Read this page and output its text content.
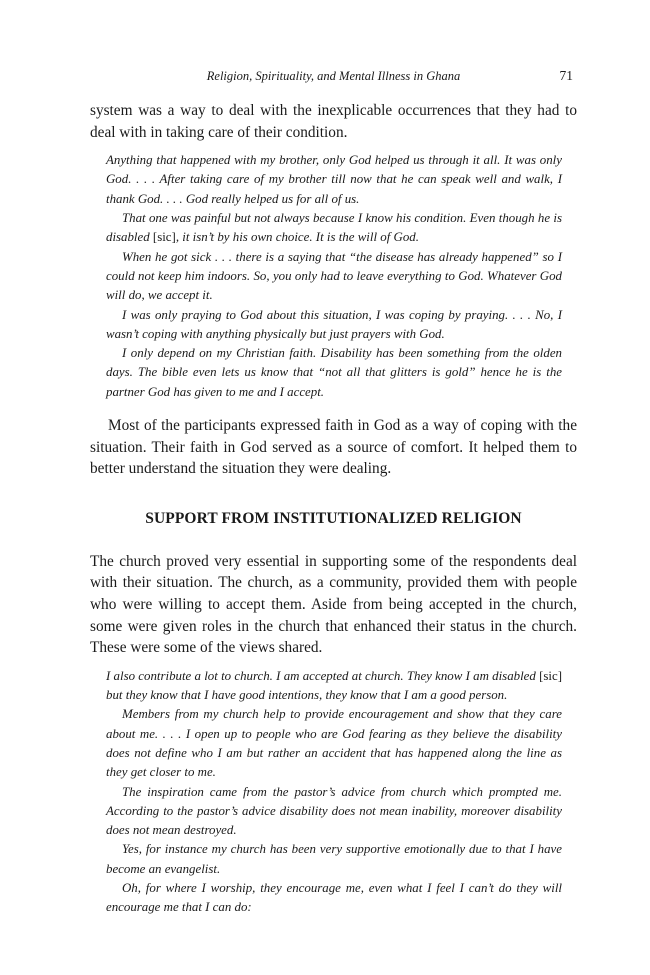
Religion, Spirituality, and Mental Illness in Ghana	71

system was a way to deal with the inexplicable occurrences that they had to deal with in taking care of their condition.

Anything that happened with my brother, only God helped us through it all. It was only God. . . . After taking care of my brother till now that he can speak well and walk, I thank God. . . . God really helped us for all of us.

That one was painful but not always because I know his condition. Even though he is disabled [sic], it isn’t by his own choice. It is the will of God.

When he got sick . . . there is a saying that “the disease has already happened” so I could not keep him indoors. So, you only had to leave everything to God. Whatever God will do, we accept it.

I was only praying to God about this situation, I was coping by praying. . . . No, I wasn’t coping with anything physically but just prayers with God.

I only depend on my Christian faith. Disability has been something from the olden days. The bible even lets us know that “not all that glitters is gold” hence he is the partner God has given to me and I accept.

Most of the participants expressed faith in God as a way of coping with the situation. Their faith in God served as a source of comfort. It helped them to better understand the situation they were dealing.

SUPPORT FROM INSTITUTIONALIZED RELIGION

The church proved very essential in supporting some of the respondents deal with their situation. The church, as a community, provided them with people who were willing to accept them. Aside from being accepted in the church, some were given roles in the church that enhanced their status in the church. These were some of the views shared.

I also contribute a lot to church. I am accepted at church. They know I am disabled [sic] but they know that I have good intentions, they know that I am a good person.

Members from my church help to provide encouragement and show that they care about me. . . . I open up to people who are God fearing as they believe the disability does not define who I am but rather an accident that has happened along the line as they get closer to me.

The inspiration came from the pastor’s advice from church which prompted me. According to the pastor’s advice disability does not mean inability, moreover disability does not mean destroyed.

Yes, for instance my church has been very supportive emotionally due to that I have become an evangelist.

Oh, for where I worship, they encourage me, even what I feel I can’t do they will encourage me that I can do:
